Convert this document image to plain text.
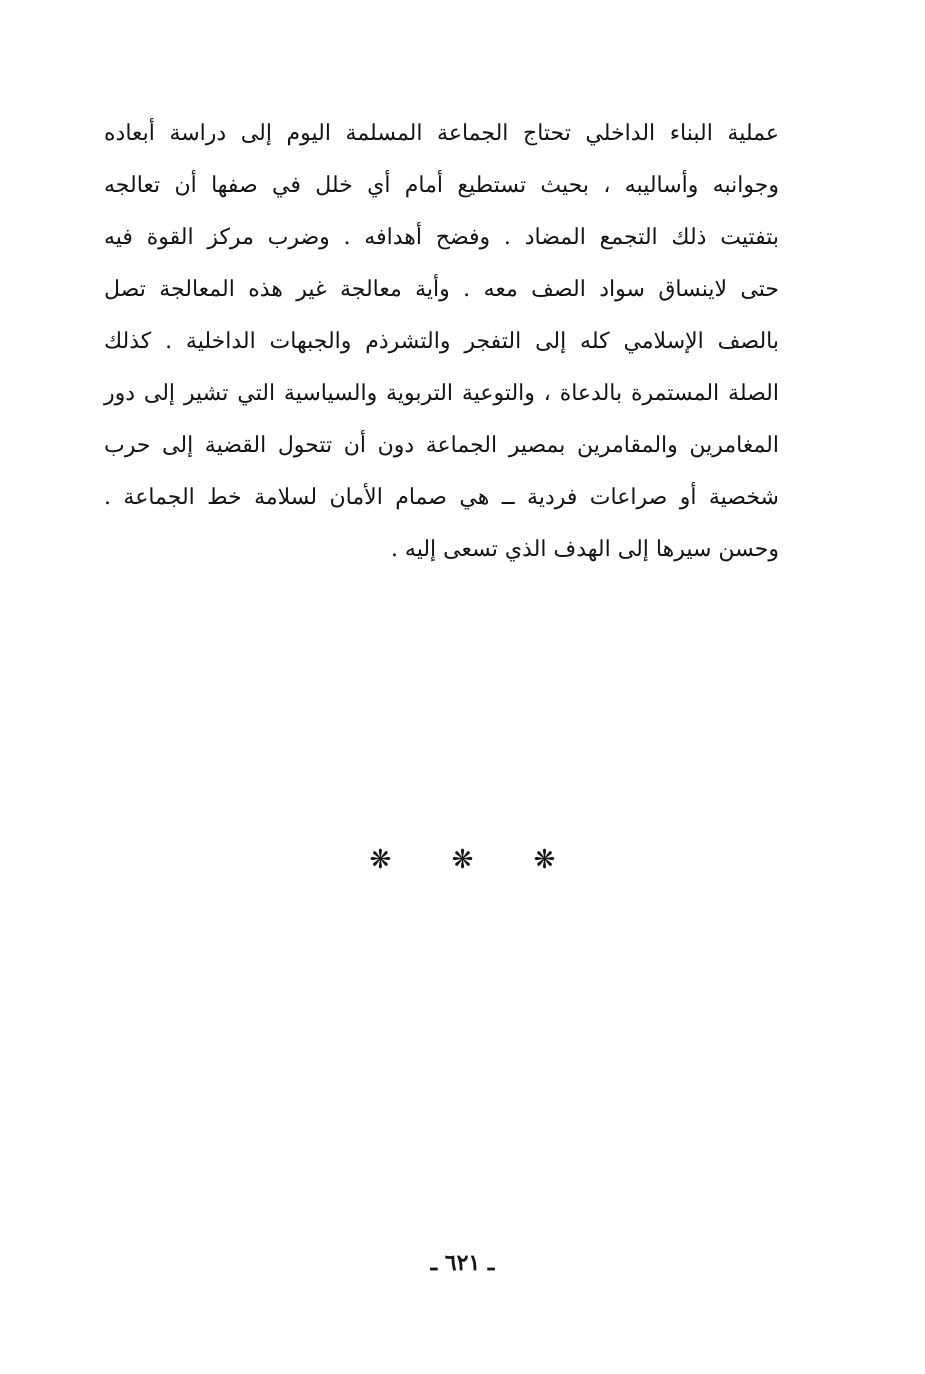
عملية البناء الداخلي تحتاج الجماعة المسلمة اليوم إلى دراسة أبعاده
وجوانبه وأساليبه ، بحيث تستطيع أمام أي خلل في صفها أن تعالجه
بتفتيت ذلك التجمع المضاد . وفضح أهدافه . وضرب مركز القوة فيه
حتى لاينساق سواد الصف معه . وأية معالجة غير هذه المعالجة تصل
بالصف الإسلامي كله إلى التفجر والتشرذم والجبهات الداخلية . كذلك
الصلة المستمرة بالدعاة ، والتوعية التربوية والسياسية التي تشير إلى دور
المغامرين والمقامرين بمصير الجماعة دون أن تتحول القضية إلى حرب
شخصية أو صراعات فردية ــ هي صمام الأمان لسلامة خط الجماعة .
وحسن سيرها إلى الهدف الذي تسعى إليه .
❋ ❋ ❋
ـ ٦٢١ ـ
